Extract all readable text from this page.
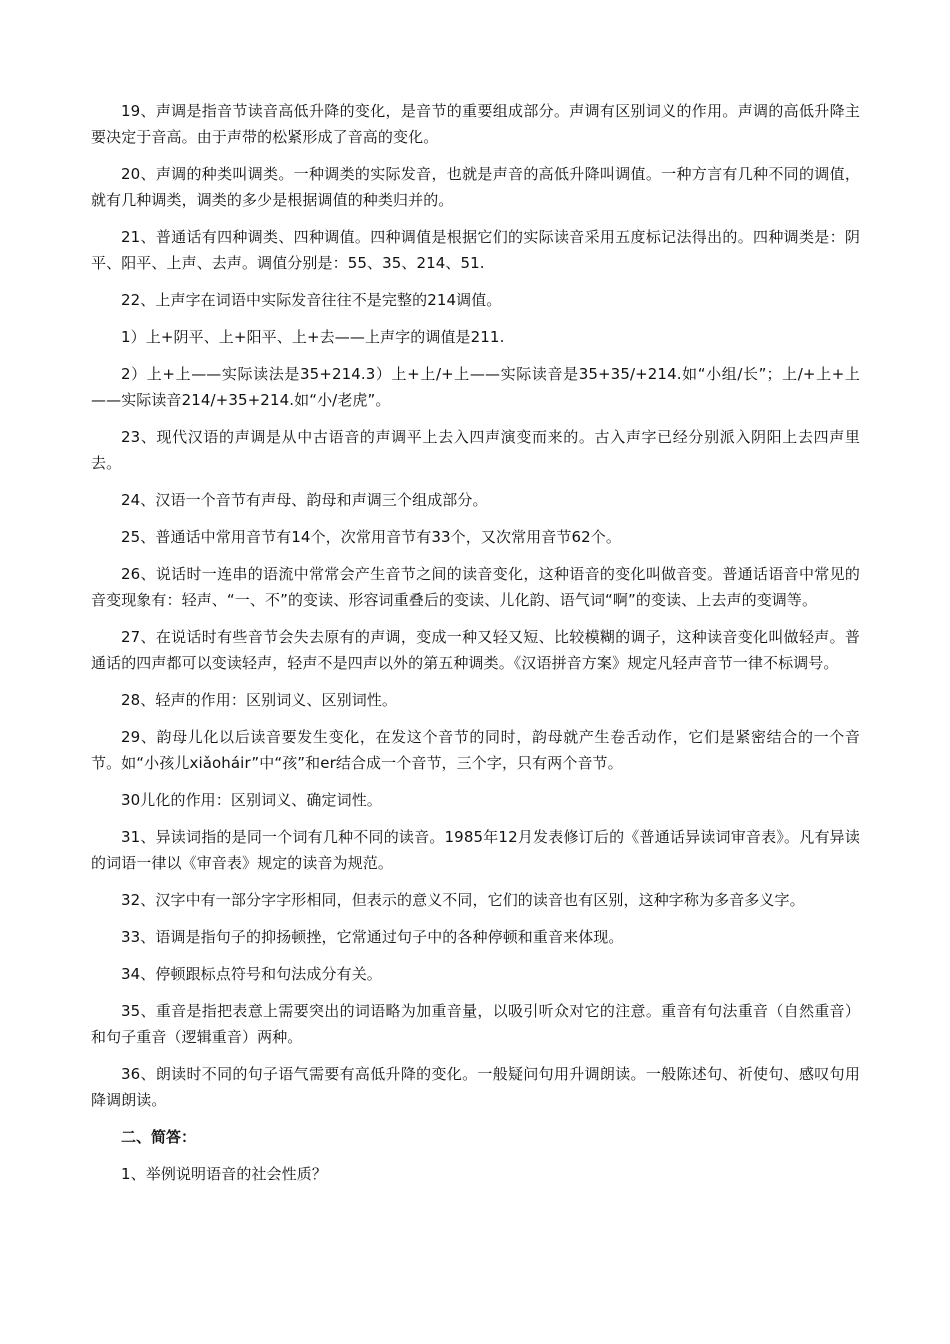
19、声调是指音节读音高低升降的变化，是音节的重要组成部分。声调有区别词义的作用。声调的高低升降主要决定于音高。由于声带的松紧形成了音高的变化。

20、声调的种类叫调类。一种调类的实际发音，也就是声音的高低升降叫调值。一种方言有几种不同的调值，就有几种调类，调类的多少是根据调值的种类归并的。

21、普通话有四种调类、四种调值。四种调值是根据它们的实际读音采用五度标记法得出的。四种调类是：阴平、阳平、上声、去声。调值分别是：55、35、214、51.

22、上声字在词语中实际发音往往不是完整的214调值。

1）上+阴平、上+阳平、上+去——上声字的调值是211.

2）上+上——实际读法是35+214.3）上+上/+上——实际读音是35+35/+214.如“小组/长”；上/+上+上——实际读音214/+35+214.如“小/老虎”。

23、现代汉语的声调是从中古语音的声调平上去入四声演变而来的。古入声字已经分别派入阴阳上去四声里去。

24、汉语一个音节有声母、韵母和声调三个组成部分。

25、普通话中常用音节有14个，次常用音节有33个，又次常用音节62个。

26、说话时一连串的语流中常常会产生音节之间的读音变化，这种语音的变化叫做音变。普通话语音中常见的音变现象有：轻声、“一、不”的变读、形容词重叠后的变读、儿化韵、语气词“啊”的变读、上去声的变调等。

27、在说话时有些音节会失去原有的声调，变成一种又轻又短、比较模糊的调子，这种读音变化叫做轻声。普通话的四声都可以变读轻声，轻声不是四声以外的第五种调类。《汉语拼音方案》规定凡轻声音节一律不标调号。

28、轻声的作用：区别词义、区别词性。

29、韵母儿化以后读音要发生变化，在发这个音节的同时，韵母就产生卷舌动作，它们是紧密结合的一个音节。如“小孩儿xiǎoháir”中“孩”和er结合成一个音节，三个字，只有两个音节。

30儿化的作用：区别词义、确定词性。

31、异读词指的是同一个词有几种不同的读音。1985年12月发表修订后的《普通话异读词审音表》。凡有异读的词语一律以《审音表》规定的读音为规范。

32、汉字中有一部分字字形相同，但表示的意义不同，它们的读音也有区别，这种字称为多音多义字。

33、语调是指句子的抑扬顿挫，它常通过句子中的各种停顿和重音来体现。

34、停顿跟标点符号和句法成分有关。

35、重音是指把表意上需要突出的词语略为加重音量，以吸引听众对它的注意。重音有句法重音（自然重音）和句子重音（逻辑重音）两种。

36、朗读时不同的句子语气需要有高低升降的变化。一般疑问句用升调朗读。一般陈述句、祈使句、感叹句用降调朗读。

二、简答：

1、举例说明语音的社会性质？
